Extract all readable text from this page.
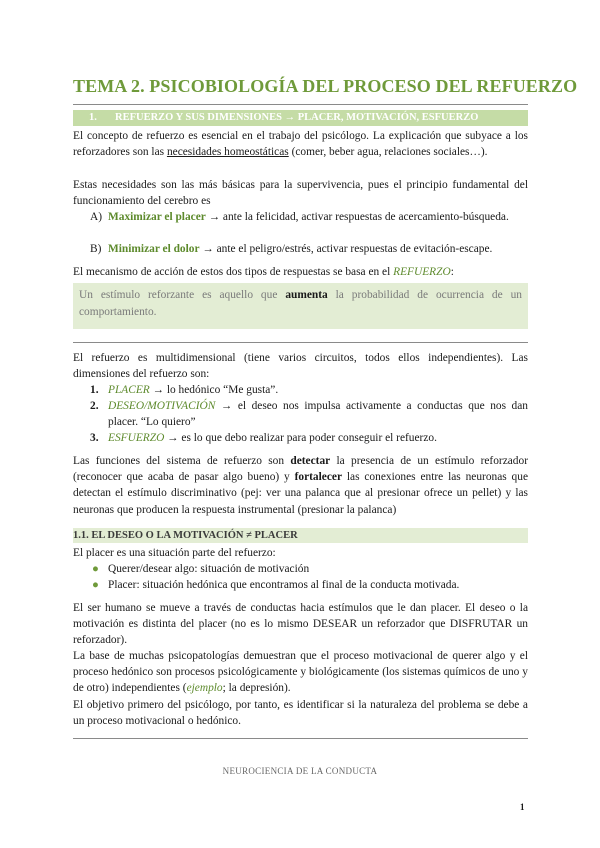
TEMA 2. PSICOBIOLOGÍA DEL PROCESO DEL REFUERZO
1. REFUERZO Y SUS DIMENSIONES → PLACER, MOTIVACIÓN, ESFUERZO

El concepto de refuerzo es esencial en el trabajo del psicólogo. La explicación que subyace a los reforzadores son las necesidades homeostáticas (comer, beber agua, relaciones sociales…).

Estas necesidades son las más básicas para la supervivencia, pues el principio fundamental del funcionamiento del cerebro es

A) Maximizar el placer → ante la felicidad, activar respuestas de acercamiento-búsqueda.
B) Minimizar el dolor → ante el peligro/estrés, activar respuestas de evitación-escape.

El mecanismo de acción de estos dos tipos de respuestas se basa en el REFUERZO:

Un estímulo reforzante es aquello que aumenta la probabilidad de ocurrencia de un comportamiento.

El refuerzo es multidimensional (tiene varios circuitos, todos ellos independientes). Las dimensiones del refuerzo son:

1. PLACER → lo hedónico “Me gusta”.
2. DESEO/MOTIVACIÓN → el deseo nos impulsa activamente a conductas que nos dan placer. “Lo quiero”
3. ESFUERZO → es lo que debo realizar para poder conseguir el refuerzo.

Las funciones del sistema de refuerzo son detectar la presencia de un estímulo reforzador (reconocer que acaba de pasar algo bueno) y fortalecer las conexiones entre las neuronas que detectan el estímulo discriminativo (pej: ver una palanca que al presionar ofrece un pellet) y las neuronas que producen la respuesta instrumental (presionar la palanca)

1.1. EL DESEO O LA MOTIVACIÓN ≠ PLACER

El placer es una situación parte del refuerzo:

● Querer/desear algo: situación de motivación
● Placer: situación hedónica que encontramos al final de la conducta motivada.

El ser humano se mueve a través de conductas hacia estímulos que le dan placer. El deseo o la motivación es distinta del placer (no es lo mismo DESEAR un reforzador que DISFRUTAR un reforzador).

La base de muchas psicopatologías demuestran que el proceso motivacional de querer algo y el proceso hedónico son procesos psicológicamente y biológicamente (los sistemas químicos de uno y de otro) independientes (ejemplo; la depresión).

El objetivo primero del psicólogo, por tanto, es identificar si la naturaleza del problema se debe a un proceso motivacional o hedónico.

NEUROCIENCIA DE LA CONDUCTA
1
